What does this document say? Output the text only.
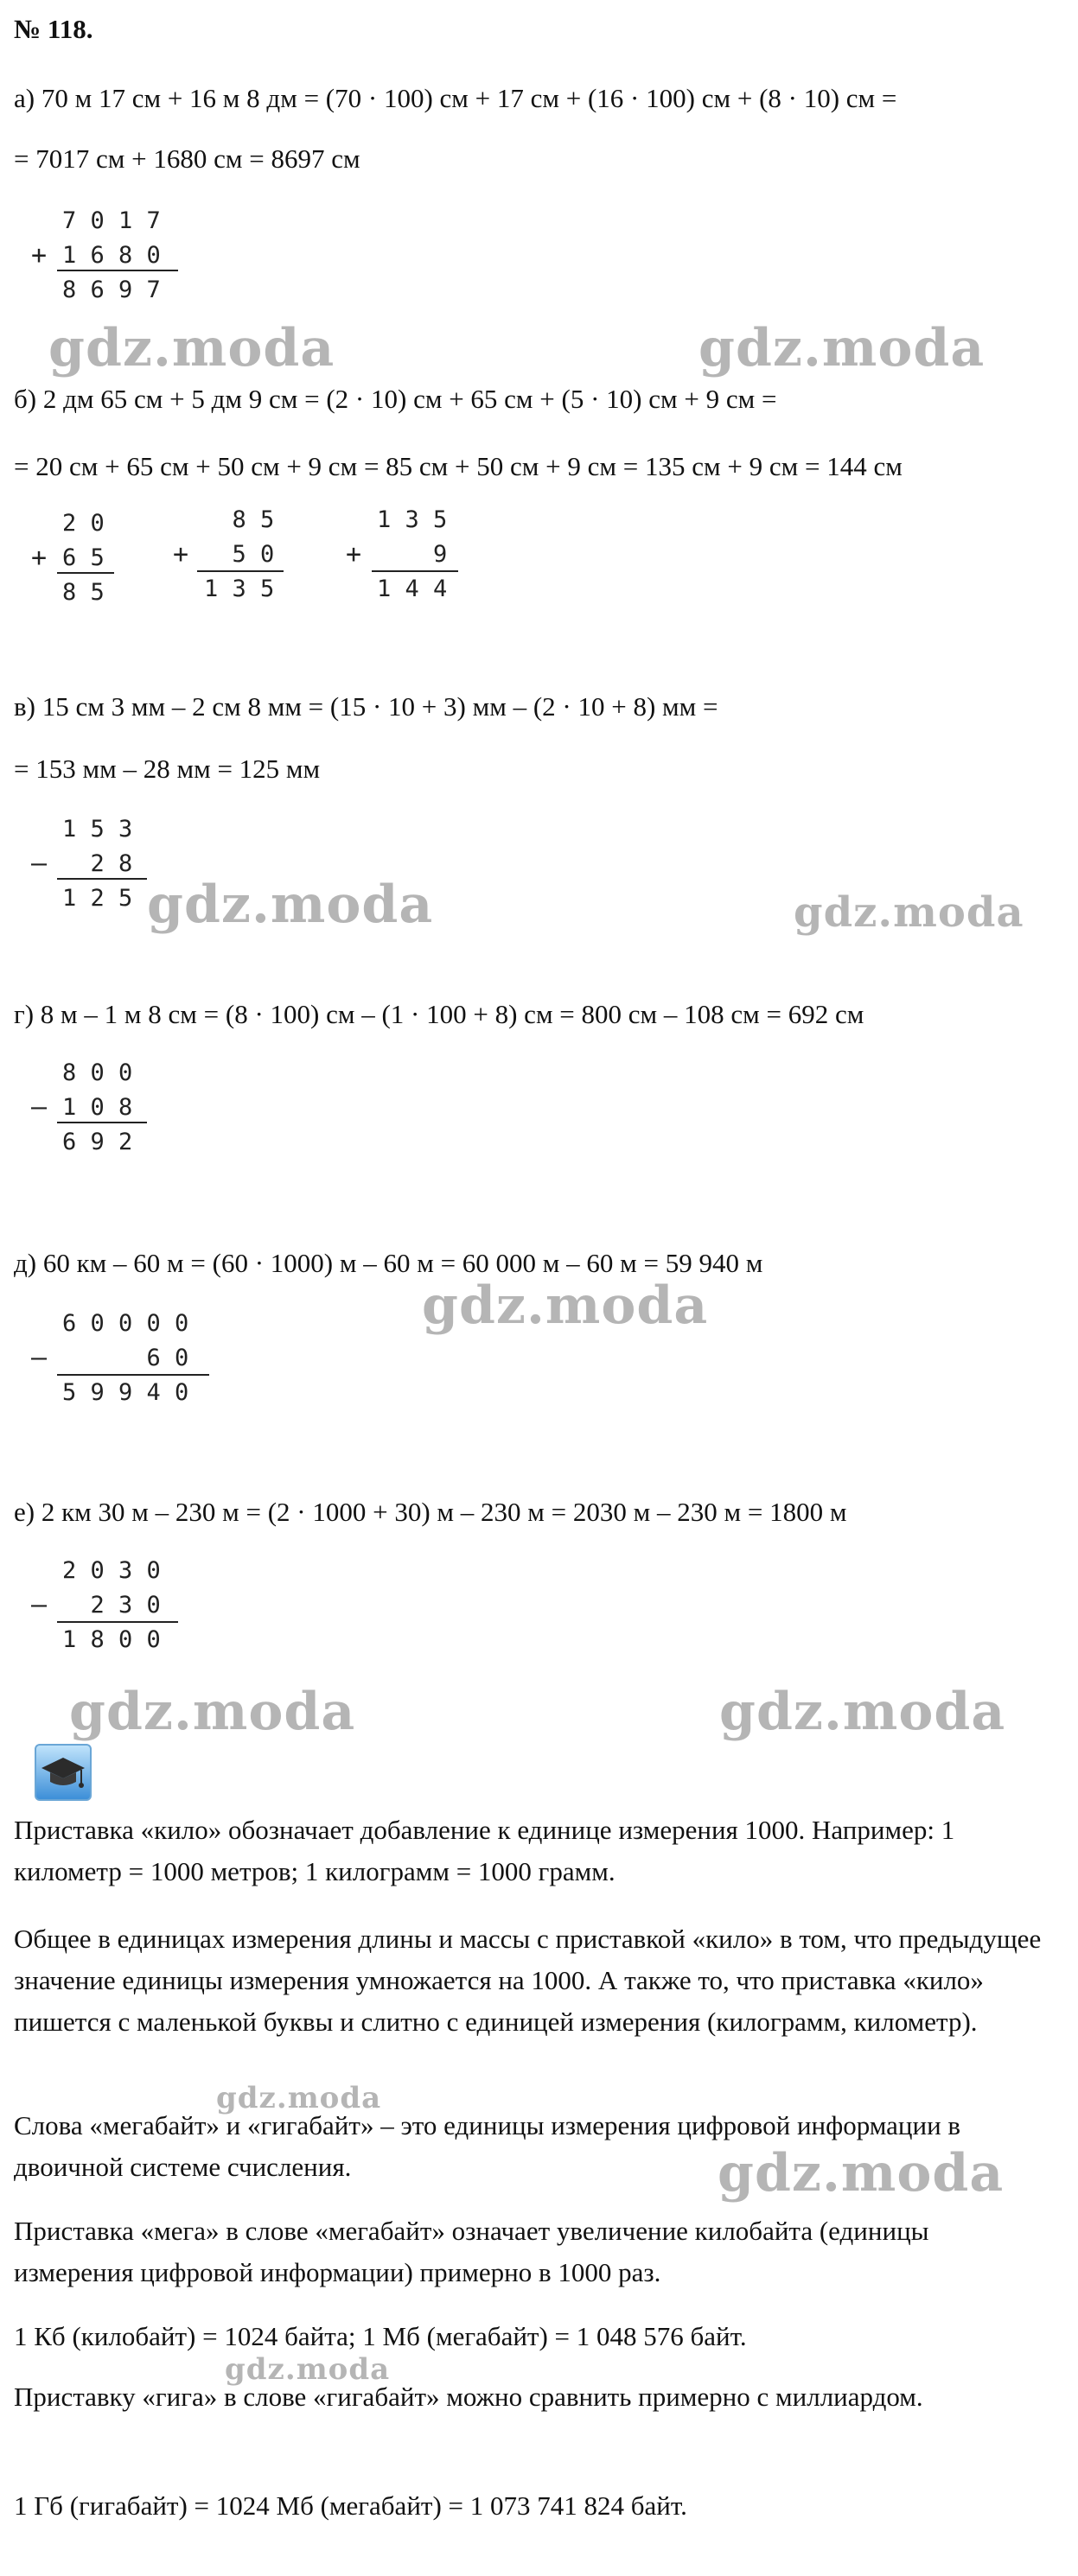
№ 118.
а) 70 м 17 см + 16 м 8 дм = (70 · 100) см + 17 см + (16 · 100) см + (8 · 10) см =
= 7017 см + 1680 см = 8697 см
+
7 0 1 7
1 6 8 0
8 6 9 7
б) 2 дм 65 см + 5 дм 9 см = (2 · 10) см + 65 см + (5 · 10) см + 9 см =
= 20 см + 65 см + 50 см + 9 см = 85 см + 50 см + 9 см = 135 см + 9 см = 144 см
+
2 0
6 5
8 5
+
8 5
5 0
1 3 5
+
1 3 5
9
1 4 4
в) 15 см 3 мм – 2 см 8 мм = (15 · 10 + 3) мм – (2 · 10 + 8) мм =
= 153 мм – 28 мм = 125 мм
–
1 5 3
2 8
1 2 5
г) 8 м – 1 м 8 см = (8 · 100) см – (1 · 100 + 8) см = 800 см – 108 см = 692 см
–
8 0 0
1 0 8
6 9 2
д) 60 км – 60 м = (60 · 1000) м – 60 м = 60 000 м – 60 м = 59 940 м
–
6 0 0 0 0
6 0
5 9 9 4 0
е) 2 км 30 м – 230 м = (2 · 1000 + 30) м – 230 м = 2030 м – 230 м = 1800 м
–
2 0 3 0
2 3 0
1 8 0 0
Приставка «кило» обозначает добавление к единице измерения 1000. Например: 1 километр = 1000 метров; 1 килограмм = 1000 грамм.
Общее в единицах измерения длины и массы с приставкой «кило» в том, что предыдущее значение единицы измерения умножается на 1000. А также то, что приставка «кило» пишется с маленькой буквы и слитно с единицей измерения (килограмм, километр).
Слова «мегабайт» и «гигабайт» – это единицы измерения цифровой информации в двоичной системе счисления.
Приставка «мега» в слове «мегабайт» означает увеличение килобайта (единицы измерения цифровой информации) примерно в 1000 раз.
1 Кб (килобайт) = 1024 байта; 1 Мб (мегабайт) = 1 048 576 байт.
Приставку «гига» в слове «гигабайт» можно сравнить примерно с миллиардом.
1 Гб (гигабайт) = 1024 Мб (мегабайт) = 1 073 741 824 байт.
gdz.moda	gdz.moda
gdz.moda	gdz.moda
gdz.moda
gdz.moda	gdz.moda
gdz.moda
gdz.moda
gdz.moda
